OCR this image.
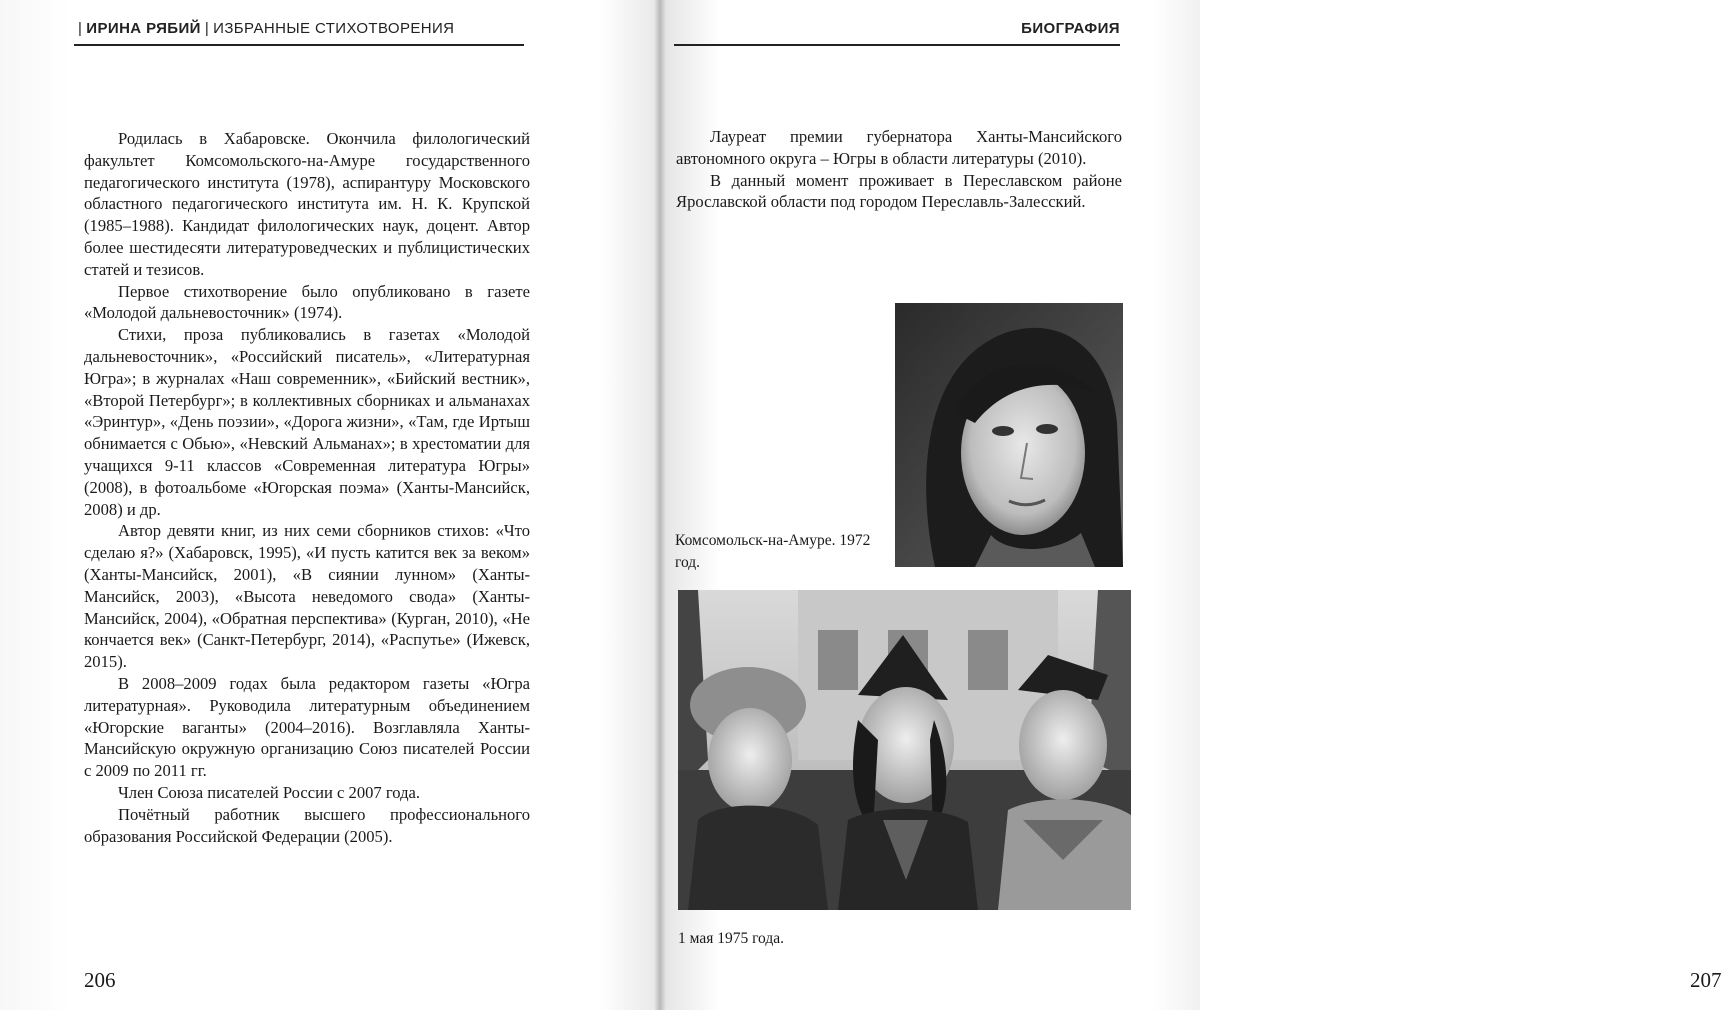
| ИРИНА РЯБИЙ | ИЗБРАННЫЕ СТИХОТВОРЕНИЯ

Родилась в Хабаровске. Окончила филологический факультет Комсомольского-на-Амуре государственного педагогического института (1978), аспирантуру Московского областного педагогического института им. Н. К. Крупской (1985–1988). Кандидат филологических наук, доцент. Автор более шестидесяти литературоведческих и публицистических статей и тезисов.

Первое стихотворение было опубликовано в газете «Молодой дальневосточник» (1974).

Стихи, проза публиковались в газетах «Молодой дальневосточник», «Российский писатель», «Литературная Югра»; в журналах «Наш современник», «Бийский вестник», «Второй Петербург»; в коллективных сборниках и альманахах «Эринтур», «День поэзии», «Дорога жизни», «Там, где Иртыш обнимается с Обью», «Невский Альманах»; в хрестоматии для учащихся 9-11 классов «Современная литература Югры» (2008), в фотоальбоме «Югорская поэма» (Ханты-Мансийск, 2008) и др.

Автор девяти книг, из них семи сборников стихов: «Что сделаю я?» (Хабаровск, 1995), «И пусть катится век за веком» (Ханты-Мансийск, 2001), «В сиянии лунном» (Ханты-Мансийск, 2003), «Высота неведомого свода» (Ханты-Мансийск, 2004), «Обратная перспектива» (Курган, 2010), «Не кончается век» (Санкт-Петербург, 2014), «Распутье» (Ижевск, 2015).

В 2008–2009 годах была редактором газеты «Югра литературная». Руководила литературным объединением «Югорские ваганты» (2004–2016). Возглавляла Ханты-Мансийскую окружную организацию Союз писателей России с 2009 по 2011 гг.

Член Союза писателей России с 2007 года.

Почётный работник высшего профессионального образования Российской Федерации (2005).

206
БИОГРАФИЯ

Лауреат премии губернатора Ханты-Мансийского автономного округа – Югры в области литературы (2010).

В данный момент проживает в Переславском районе Ярославской области под городом Переславль-Залесский.

207
Комсомольск-на-Амуре. 1972 год.
1 мая 1975 года.
